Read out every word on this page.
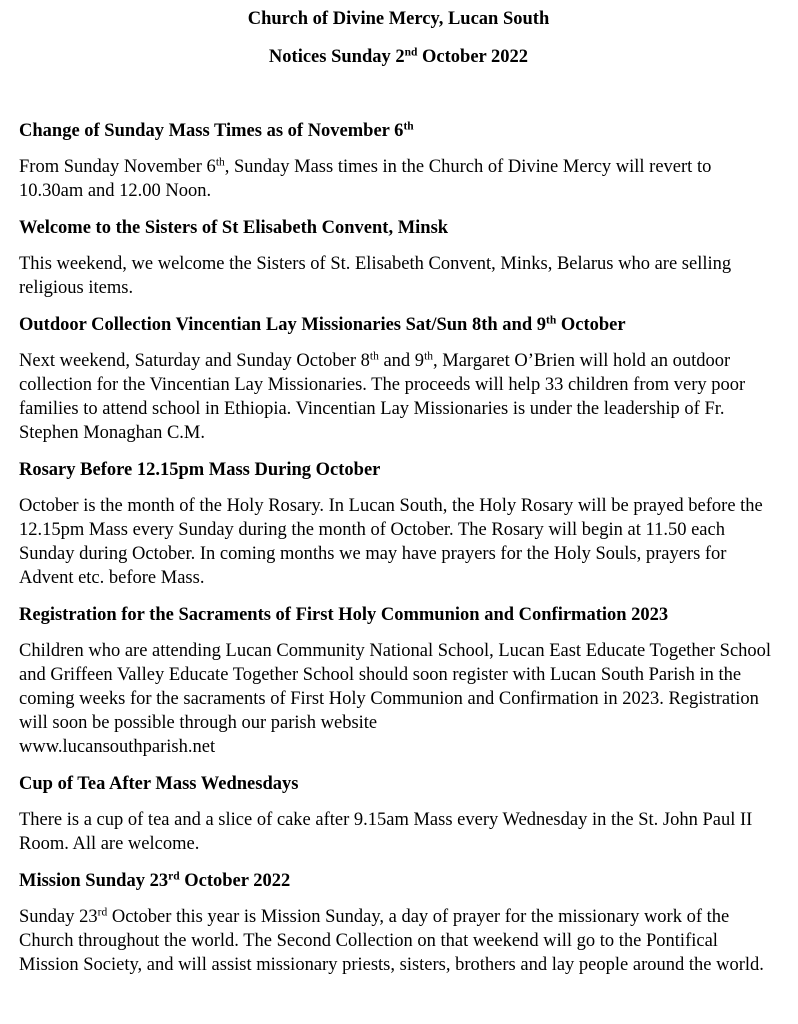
Church of Divine Mercy, Lucan South
Notices Sunday 2nd October 2022
Change of Sunday Mass Times as of November 6th

From Sunday November 6th, Sunday Mass times in the Church of Divine Mercy will revert to 10.30am and 12.00 Noon.

Welcome to the Sisters of St Elisabeth Convent, Minsk

This weekend, we welcome the Sisters of St. Elisabeth Convent, Minks, Belarus who are selling religious items.

Outdoor Collection Vincentian Lay Missionaries Sat/Sun 8th and 9th October

Next weekend, Saturday and Sunday October 8th and 9th, Margaret O’Brien will hold an outdoor collection for the Vincentian Lay Missionaries. The proceeds will help 33 children from very poor families to attend school in Ethiopia. Vincentian Lay Missionaries is under the leadership of Fr. Stephen Monaghan C.M.

Rosary Before 12.15pm Mass During October

October is the month of the Holy Rosary. In Lucan South, the Holy Rosary will be prayed before the 12.15pm Mass every Sunday during the month of October. The Rosary will begin at 11.50 each Sunday during October. In coming months we may have prayers for the Holy Souls, prayers for Advent etc. before Mass.

Registration for the Sacraments of First Holy Communion and Confirmation 2023

Children who are attending Lucan Community National School, Lucan East Educate Together School and Griffeen Valley Educate Together School should soon register with Lucan South Parish in the coming weeks for the sacraments of First Holy Communion and Confirmation in 2023. Registration will soon be possible through our parish website
www.lucansouthparish.net

Cup of Tea After Mass Wednesdays

There is a cup of tea and a slice of cake after 9.15am Mass every Wednesday in the St. John Paul II Room. All are welcome.

Mission Sunday 23rd October 2022

Sunday 23rd October this year is Mission Sunday, a day of prayer for the missionary work of the Church throughout the world. The Second Collection on that weekend will go to the Pontifical Mission Society, and will assist missionary priests, sisters, brothers and lay people around the world.
